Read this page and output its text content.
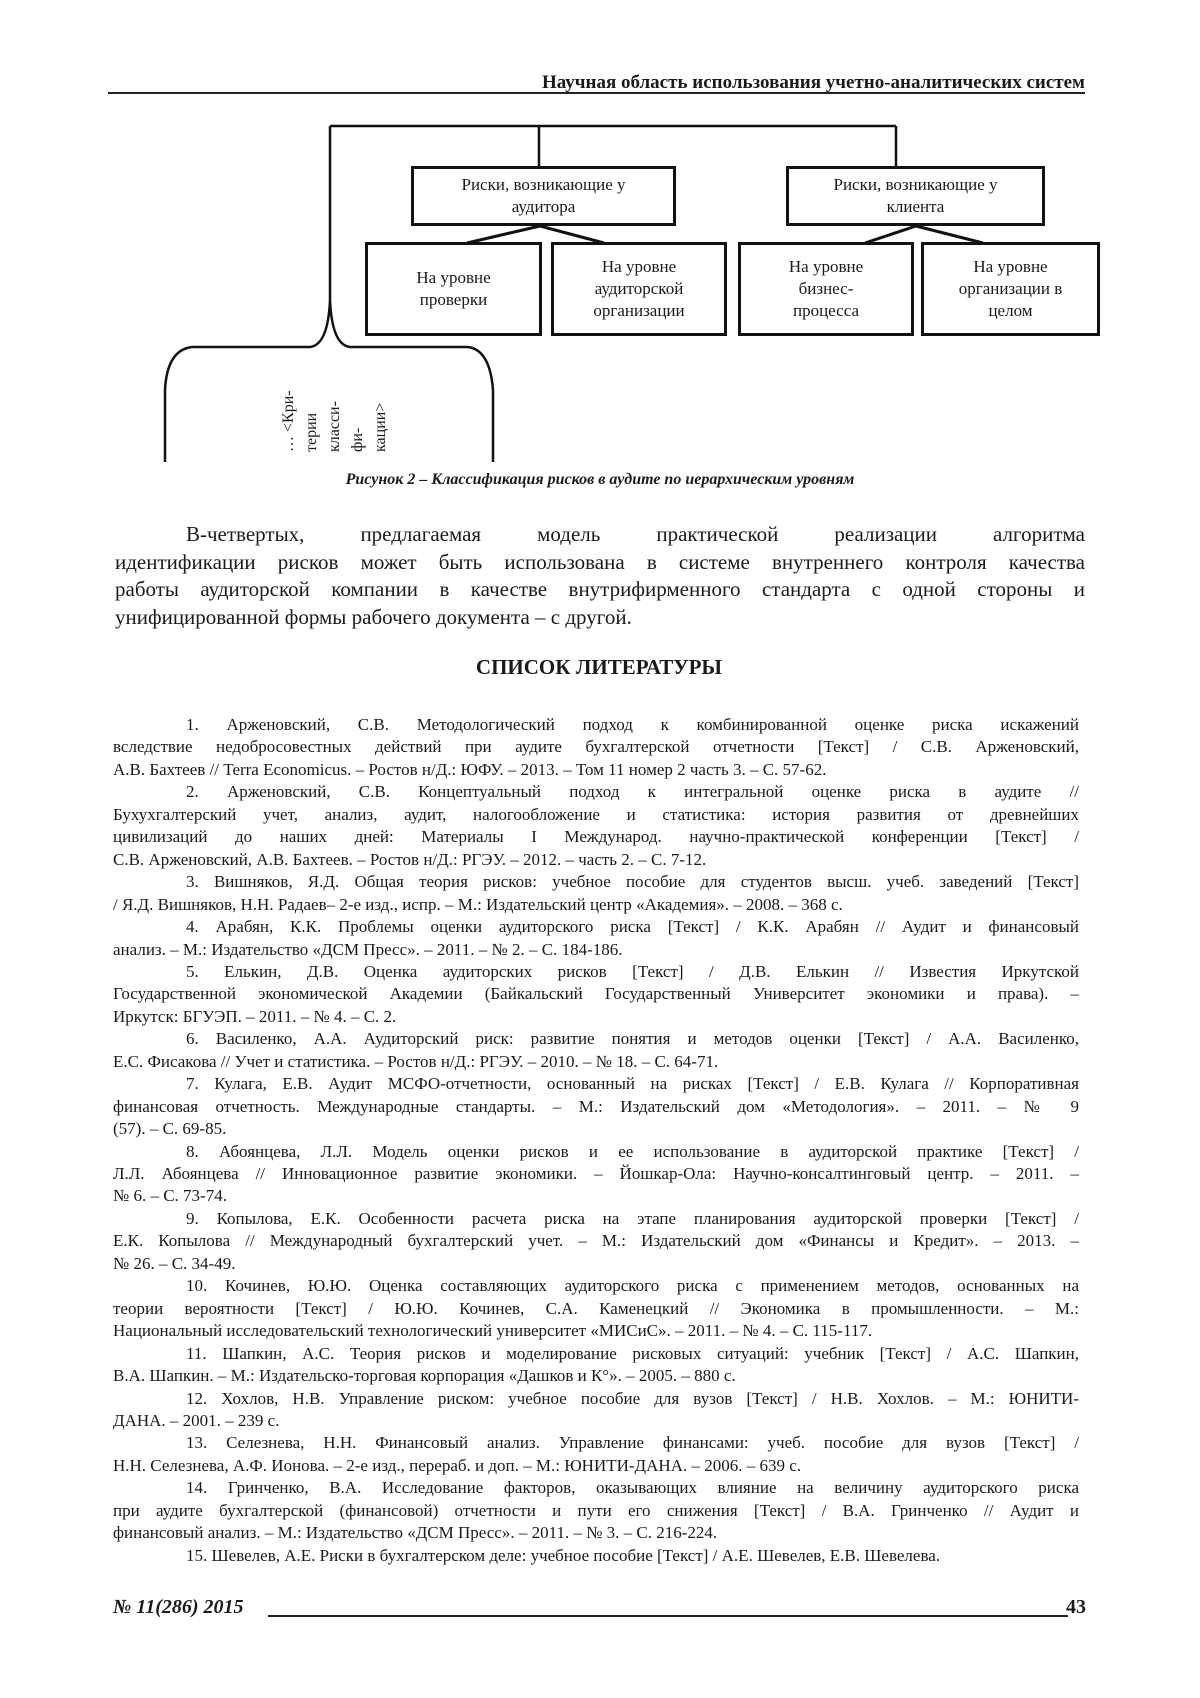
Научная область использования учетно-аналитических систем
Риски, возникающие у
аудитора
Риски, возникающие у
клиента
На уровне
проверки
На уровне
аудиторской
организации
На уровне
бизнес-
процесса
На уровне
организации в
целом
… <Кри- терии класси- фи- кации>
Рисунок 2 – Классификация рисков в аудите по иерархическим уровням
В-четвертых, предлагаемая модель практической реализации алгоритма
идентификации рисков может быть использована в системе внутреннего контроля качества
работы аудиторской компании в качестве внутрифирменного стандарта с одной стороны и
унифицированной формы рабочего документа – с другой.
СПИСОК ЛИТЕРАТУРЫ
1. Арженовский, С.В. Методологический подход к комбинированной оценке риска искажений
вследствие недобросовестных действий при аудите бухгалтерской отчетности [Текст] / С.В. Арженовский,
А.В. Бахтеев // Terra Economicus. – Ростов н/Д.: ЮФУ. – 2013. – Том 11 номер 2 часть 3. – С. 57-62.
2. Арженовский, С.В. Концептуальный подход к интегральной оценке риска в аудите //
Бухухгалтерский учет, анализ, аудит, налогообложение и статистика: история развития от древнейших
цивилизаций до наших дней: Материалы I Международ. научно-практической конференции [Текст] /
С.В. Арженовский, А.В. Бахтеев. – Ростов н/Д.: РГЭУ. – 2012. – часть 2. – С. 7-12.
3. Вишняков, Я.Д. Общая теория рисков: учебное пособие для студентов высш. учеб. заведений [Текст]
/ Я.Д. Вишняков, Н.Н. Радаев– 2-е изд., испр. – М.: Издательский центр «Академия». – 2008. – 368 с.
4. Арабян, К.К. Проблемы оценки аудиторского риска [Текст] / К.К. Арабян // Аудит и финансовый
анализ. – М.: Издательство «ДСМ Пресс». – 2011. – № 2. – С. 184-186.
5. Елькин, Д.В. Оценка аудиторских рисков [Текст] / Д.В. Елькин // Известия Иркутской
Государственной экономической Академии (Байкальский Государственный Университет экономики и права). –
Иркутск: БГУЭП. – 2011. – № 4. – С. 2.
6. Василенко, А.А. Аудиторский риск: развитие понятия и методов оценки [Текст] / А.А. Василенко,
Е.С. Фисакова // Учет и статистика. – Ростов н/Д.: РГЭУ. – 2010. – № 18. – С. 64-71.
7. Кулага, Е.В. Аудит МСФО-отчетности, основанный на рисках [Текст] / Е.В. Кулага // Корпоративная
финансовая отчетность. Международные стандарты. – М.: Издательский дом «Методология». – 2011. – № 9
(57). – С. 69-85.
8. Абоянцева, Л.Л. Модель оценки рисков и ее использование в аудиторской практике [Текст] /
Л.Л. Абоянцева // Инновационное развитие экономики. – Йошкар-Ола: Научно-консалтинговый центр. – 2011. –
№ 6. – С. 73-74.
9. Копылова, Е.К. Особенности расчета риска на этапе планирования аудиторской проверки [Текст] /
Е.К. Копылова // Международный бухгалтерский учет. – М.: Издательский дом «Финансы и Кредит». – 2013. –
№ 26. – С. 34-49.
10. Кочинев, Ю.Ю. Оценка составляющих аудиторского риска с применением методов, основанных на
теории вероятности [Текст] / Ю.Ю. Кочинев, С.А. Каменецкий // Экономика в промышленности. – М.:
Национальный исследовательский технологический университет «МИСиС». – 2011. – № 4. – С. 115-117.
11. Шапкин, А.С. Теория рисков и моделирование рисковых ситуаций: учебник [Текст] / А.С. Шапкин,
В.А. Шапкин. – М.: Издательско-торговая корпорация «Дашков и К°». – 2005. – 880 с.
12. Хохлов, Н.В. Управление риском: учебное пособие для вузов [Текст] / Н.В. Хохлов. – М.: ЮНИТИ-
ДАНА. – 2001. – 239 с.
13. Селезнева, Н.Н. Финансовый анализ. Управление финансами: учеб. пособие для вузов [Текст] /
Н.Н. Селезнева, А.Ф. Ионова. – 2-е изд., перераб. и доп. – М.: ЮНИТИ-ДАНА. – 2006. – 639 с.
14. Гринченко, В.А. Исследование факторов, оказывающих влияние на величину аудиторского риска
при аудите бухгалтерской (финансовой) отчетности и пути его снижения [Текст] / В.А. Гринченко // Аудит и
финансовый анализ. – М.: Издательство «ДСМ Пресс». – 2011. – № 3. – С. 216-224.
15. Шевелев, А.Е. Риски в бухгалтерском деле: учебное пособие [Текст] / А.Е. Шевелев, Е.В. Шевелева.
№ 11(286) 2015	43
